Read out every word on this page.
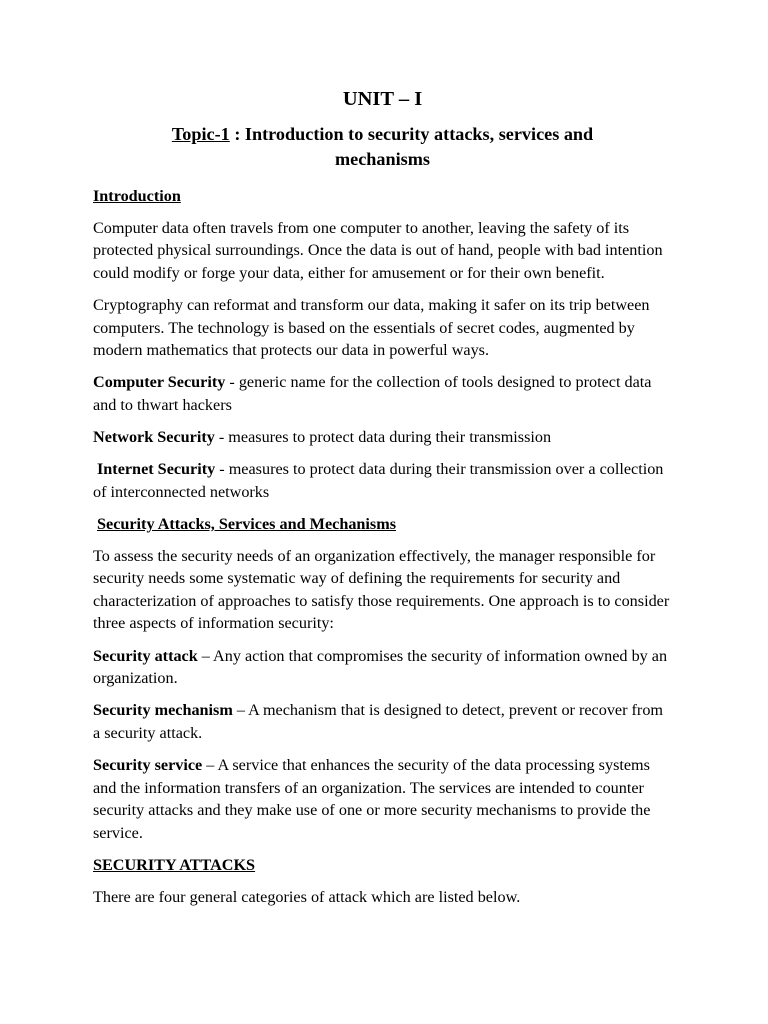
UNIT – I
Topic-1 : Introduction to security attacks, services and mechanisms
Introduction

Computer data often travels from one computer to another, leaving the safety of its protected physical surroundings. Once the data is out of hand, people with bad intention could modify or forge your data, either for amusement or for their own benefit.

Cryptography can reformat and transform our data, making it safer on its trip between computers. The technology is based on the essentials of secret codes, augmented by modern mathematics that protects our data in powerful ways.

Computer Security - generic name for the collection of tools designed to protect data and to thwart hackers

Network Security - measures to protect data during their transmission

Internet Security - measures to protect data during their transmission over a collection of interconnected networks

Security Attacks, Services and Mechanisms

To assess the security needs of an organization effectively, the manager responsible for security needs some systematic way of defining the requirements for security and characterization of approaches to satisfy those requirements. One approach is to consider three aspects of information security:

Security attack – Any action that compromises the security of information owned by an organization.

Security mechanism – A mechanism that is designed to detect, prevent or recover from a security attack.

Security service – A service that enhances the security of the data processing systems and the information transfers of an organization. The services are intended to counter security attacks and they make use of one or more security mechanisms to provide the service.

SECURITY ATTACKS

There are four general categories of attack which are listed below.
